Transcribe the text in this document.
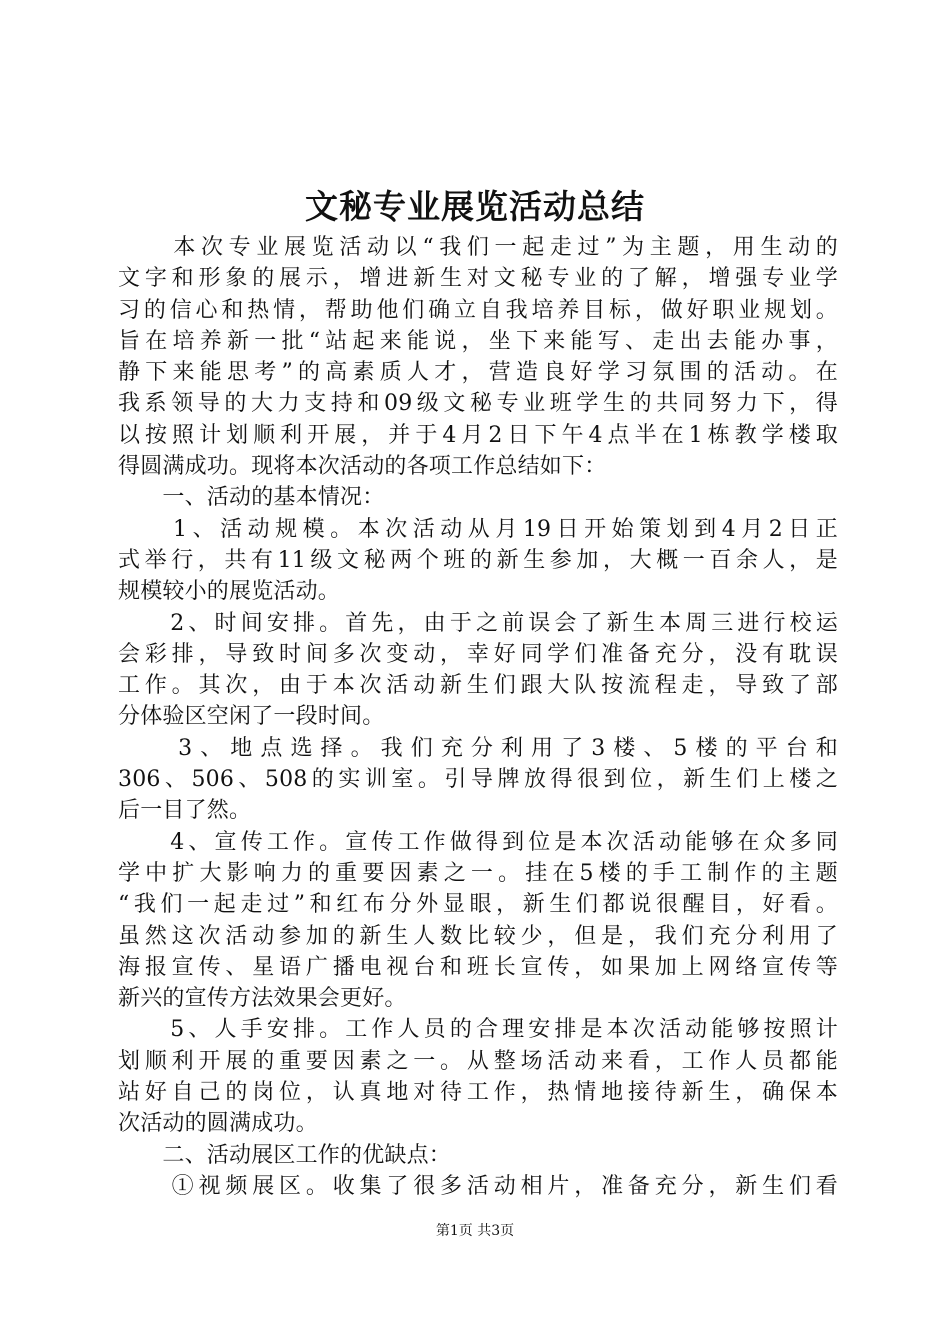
文秘专业展览活动总结
　　本次专业展览活动以“我们一起走过”为主题，用生动的
文字和形象的展示，增进新生对文秘专业的了解，增强专业学
习的信心和热情，帮助他们确立自我培养目标，做好职业规划。
旨在培养新一批“站起来能说，坐下来能写、走出去能办事，
静下来能思考”的高素质人才，营造良好学习氛围的活动。在
我系领导的大力支持和09级文秘专业班学生的共同努力下，得
以按照计划顺利开展，并于4月2日下午4点半在1栋教学楼取
得圆满成功。现将本次活动的各项工作总结如下：
　　一、活动的基本情况：
　　1、活动规模。本次活动从月19日开始策划到4月2日正
式举行，共有11级文秘两个班的新生参加，大概一百余人，是
规模较小的展览活动。
　　2、时间安排。首先，由于之前误会了新生本周三进行校运
会彩排，导致时间多次变动，幸好同学们准备充分，没有耽误
工作。其次，由于本次活动新生们跟大队按流程走，导致了部
分体验区空闲了一段时间。
　　3、地点选择。我们充分利用了3楼、5楼的平台和
306、506、508的实训室。引导牌放得很到位，新生们上楼之
后一目了然。
　　4、宣传工作。宣传工作做得到位是本次活动能够在众多同
学中扩大影响力的重要因素之一。挂在5楼的手工制作的主题
“我们一起走过”和红布分外显眼，新生们都说很醒目，好看。
虽然这次活动参加的新生人数比较少，但是，我们充分利用了
海报宣传、星语广播电视台和班长宣传，如果加上网络宣传等
新兴的宣传方法效果会更好。
　　5、人手安排。工作人员的合理安排是本次活动能够按照计
划顺利开展的重要因素之一。从整场活动来看，工作人员都能
站好自己的岗位，认真地对待工作，热情地接待新生，确保本
次活动的圆满成功。
　　二、活动展区工作的优缺点：
　　①视频展区。收集了很多活动相片，准备充分，新生们看
第1页 共3页
